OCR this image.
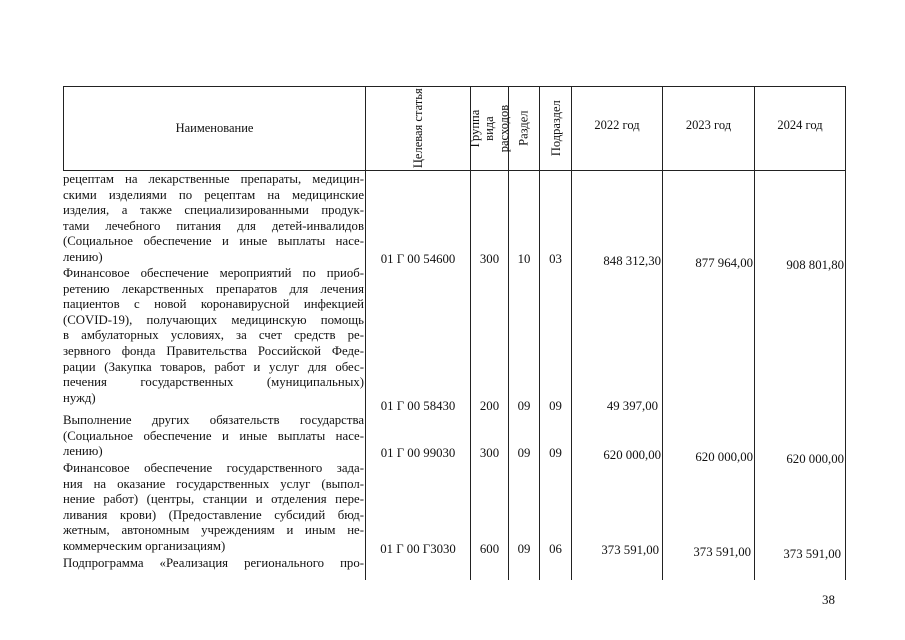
Наименование	Целевая статья	Группа вида расходов Раздел Подраздел	2022 год	2023 год	2024 год
рецептам на лекарственные препараты, медицин-
скими изделиями по рецептам на медицинские
изделия, а также специализированными продук-
тами лечебного питания для детей-инвалидов
(Социальное обеспечение и иные выплаты насе-
лению)	01 Г 00 54600	300	10	03	848 312,30	877 964,00	908 801,80
Финансовое обеспечение мероприятий по приоб-
ретению лекарственных препаратов для лечения
пациентов с новой коронавирусной инфекцией
(COVID-19), получающих медицинскую помощь
в амбулаторных условиях, за счет средств ре-
зервного фонда Правительства Российской Феде-
рации (Закупка товаров, работ и услуг для обес-
печения государственных (муниципальных)
нужд)
01 Г 00 58430	200	09	09	49 397,00
Выполнение других обязательств государства
(Социальное обеспечение и иные выплаты насе-
лению)	01 Г 00 99030	300	09	09	620 000,00	620 000,00	620 000,00
Финансовое обеспечение государственного зада-
ния на оказание государственных услуг (выпол-
нение работ) (центры, станции и отделения пере-
ливания крови) (Предоставление субсидий бюд-
жетным, автономным учреждениям и иным не-
коммерческим организациям)	01 Г 00 Г3030	600	09	06	373 591,00	373 591,00	373 591,00
Подпрограмма «Реализация регионального про-
38
